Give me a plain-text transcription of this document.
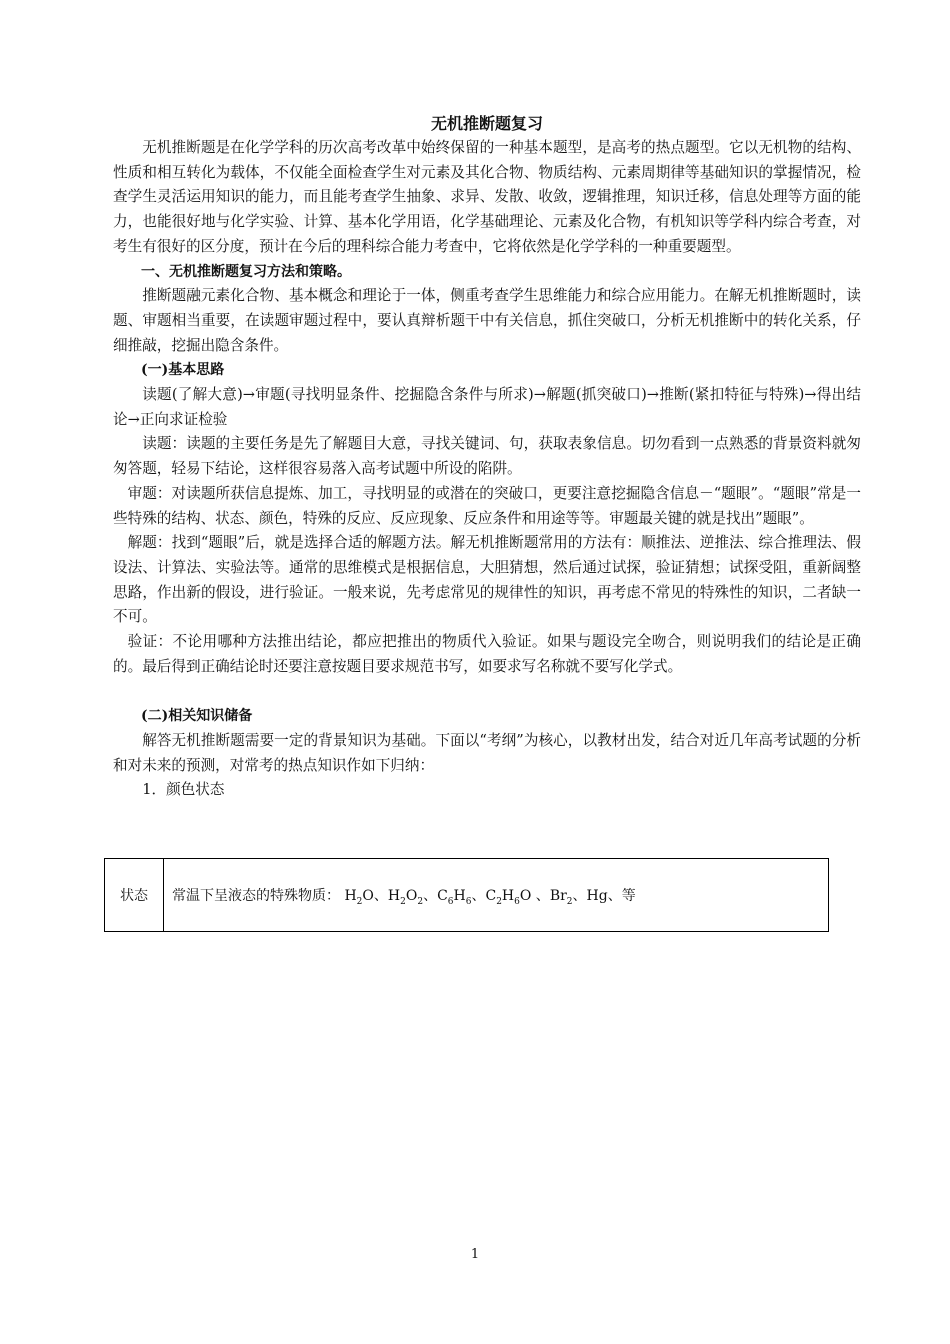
无机推断题复习

无机推断题是在化学学科的历次高考改革中始终保留的一种基本题型，是高考的热点题型。它以无机物的结构、性质和相互转化为载体，不仅能全面检查学生对元素及其化合物、物质结构、元素周期律等基础知识的掌握情况，检查学生灵活运用知识的能力，而且能考查学生抽象、求异、发散、收敛，逻辑推理，知识迁移，信息处理等方面的能力，也能很好地与化学实验、计算、基本化学用语，化学基础理论、元素及化合物，有机知识等学科内综合考查，对考生有很好的区分度，预计在今后的理科综合能力考查中，它将依然是化学学科的一种重要题型。

一、无机推断题复习方法和策略。

推断题融元素化合物、基本概念和理论于一体，侧重考查学生思维能力和综合应用能力。在解无机推断题时，读题、审题相当重要，在读题审题过程中，要认真辩析题干中有关信息，抓住突破口，分析无机推断中的转化关系，仔细推敲，挖掘出隐含条件。

(一)基本思路

读题(了解大意)→审题(寻找明显条件、挖掘隐含条件与所求)→解题(抓突破口)→推断(紧扣特征与特殊)→得出结论→正向求证检验

读题：读题的主要任务是先了解题目大意，寻找关键词、句，获取表象信息。切勿看到一点熟悉的背景资料就匆匆答题，轻易下结论，这样很容易落入高考试题中所设的陷阱。

审题：对读题所获信息提炼、加工，寻找明显的或潜在的突破口，更要注意挖掘隐含信息－“题眼”。“题眼”常是一些特殊的结构、状态、颜色，特殊的反应、反应现象、反应条件和用途等等。审题最关键的就是找出”题眼”。

解题：找到“题眼”后，就是选择合适的解题方法。解无机推断题常用的方法有：顺推法、逆推法、综合推理法、假设法、计算法、实验法等。通常的思维模式是根据信息，大胆猜想，然后通过试探，验证猜想；试探受阻，重新阔整思路，作出新的假设，进行验证。一般来说，先考虑常见的规律性的知识，再考虑不常见的特殊性的知识，二者缺一不可。

验证：不论用哪种方法推出结论，都应把推出的物质代入验证。如果与题设完全吻合，则说明我们的结论是正确的。最后得到正确结论时还要注意按题目要求规范书写，如要求写名称就不要写化学式。

(二)相关知识储备

解答无机推断题需要一定的背景知识为基础。下面以“考纲”为核心，以教材出发，结合对近几年高考试题的分析和对未来的预测，对常考的热点知识作如下归纳：

1．颜色状态

状态	常温下呈液态的特殊物质： $H_2O$、$H_2O_2$、$C_6H_6$、$C_2H_6O$ 、$Br_2$、Hg、等
1
